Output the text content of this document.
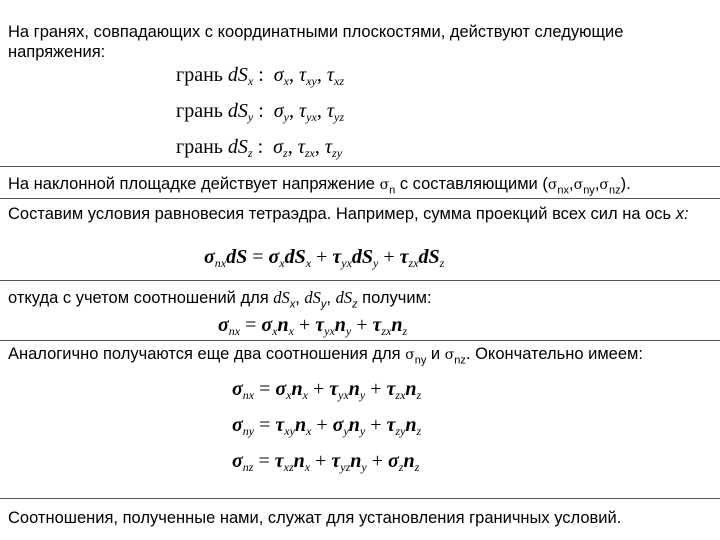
На гранях, совпадающих с координатными плоскостями, действуют следующие напряжения:
грань $dS_x$ : $\sigma_x$, $\tau_{xy}$, $\tau_{xz}$
грань $dS_y$ : $\sigma_y$, $\tau_{yx}$, $\tau_{yz}$
грань $dS_z$ : $\sigma_z$, $\tau_{zx}$, $\tau_{zy}$
На наклонной площадке действует напряжение $\sigma_n$ с составляющими $(\sigma_{nx},\sigma_{ny},\sigma_{nz})$.
Составим условия равновесия тетраэдра. Например, сумма проекций всех сил на ось x:
$\sigma_{nx}dS = \sigma_xdS_x + \tau_{yx}dS_y + \tau_{zx}dS_z$
откуда с учетом соотношений для $dS_x$, $dS_y$, $dS_z$ получим:
$\sigma_{nx} = \sigma_xn_x + \tau_{yx}n_y + \tau_{zx}n_z$
Аналогично получаются еще два соотношения для $\sigma_{ny}$ и $\sigma_{nz}$. Окончательно имеем:
$\sigma_{nx} = \sigma_xn_x + \tau_{yx}n_y + \tau_{zx}n_z$
$\sigma_{ny} = \tau_{xy}n_x + \sigma_yn_y + \tau_{zy}n_z$
$\sigma_{nz} = \tau_{xz}n_x + \tau_{yz}n_y + \sigma_zn_z$
Соотношения, полученные нами, служат для установления граничных условий.
